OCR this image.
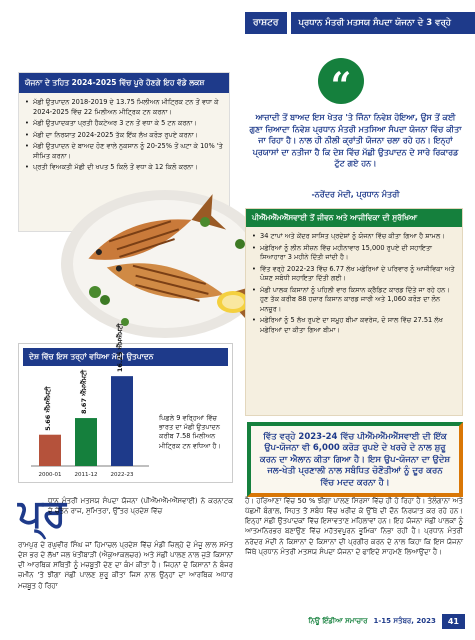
ਰਾਸ਼ਟਰ	ਪ੍ਰਧਾਨ ਮੰਤਰੀ ਮਤਸਯ ਸੰਪਦਾ ਯੋਜਨਾ ਦੇ 3 ਵਰ੍ਹੇ
ਯੋਜਨਾ ਦੇ ਤਹਿਤ 2024-2025 ਵਿੱਚ ਪੂਰੇ ਹੋਣਗੇ ਇਹ ਵੱਡੇ ਲਕਸ਼
• ਮੱਛੀ ਉਤਪਾਦਨ 2018-2019 ਦੇ 13.75 ਮਿਲੀਅਨ ਮੀਟ੍ਰਿਕ ਟਨ ਤੋਂ ਵਧਾ ਕੇ 2024-2025 ਵਿੱਚ 22 ਮਿਲੀਅਨ ਮੀਟ੍ਰਿਕ ਟਨ ਕਰਨਾ।
• ਮੱਛੀ ਉਤਪਾਦਕਤਾ ਪ੍ਰਤੀ ਹੈਕਟੇਅਰ 3 ਟਨ ਤੋਂ ਵਧਾ ਕੇ 5 ਟਨ ਕਰਨਾ।
• ਮੱਛੀ ਦਾ ਨਿਰਯਾਤ 2024-2025 ਤੱਕ ਇੱਕ ਲੱਖ ਕਰੋੜ ਰੁਪਏ ਕਰਨਾ।
• ਮੱਛੀ ਉਤਪਾਦਨ ਦੇ ਬਾਅਦ ਹੋਣ ਵਾਲੇ ਨੁਕਸਾਨ ਨੂੰ 20-25% ਤੋਂ ਘਟਾ ਕੇ 10% 'ਤੇ ਸੀਮਿਤ ਕਰਨਾ।
• ਪ੍ਰਤੀ ਵਿਅਕਤੀ ਮੱਛੀ ਦੀ ਖਪਤ 5 ਕਿਲੋ ਤੋਂ ਵਧਾ ਕੇ 12 ਕਿਲੋ ਕਰਨਾ।
ਦੇਸ਼ ਵਿੱਚ ਇਸ ਤਰ੍ਹਾਂ ਵਧਿਆ ਮੱਛੀ ਉਤਪਾਦਨ
5.66 ਐੱਮਐੱਮਟੀ
2000-01
8.67 ਐੱਮਐੱਮਟੀ
2011-12
16.25 ਐੱਮਐੱਮਟੀ
2022-23
ਪਿਛਲੇ 9 ਵਰ੍ਹਿਆਂ ਵਿੱਚ ਭਾਰਤ ਦਾ ਮੱਛੀ ਉਤਪਾਦਨ ਕਰੀਬ 7.58 ਮਿਲੀਅਨ ਮੀਟ੍ਰਿਕ ਟਨ ਵਧਿਆ ਹੈ।
“
ਆਜ਼ਾਦੀ ਤੋਂ ਬਾਅਦ ਇਸ ਖੇਤਰ 'ਤੇ ਜਿੰਨਾ ਨਿਵੇਸ਼ ਹੋਇਆ, ਉਸ ਤੋਂ ਕਈ ਗੁਣਾ ਜ਼ਿਆਦਾ ਨਿਵੇਸ਼ ਪ੍ਰਧਾਨ ਮੰਤਰੀ ਮਤਸਿਆ ਸੰਪਦਾ ਯੋਜਨਾ ਵਿੱਚ ਕੀਤਾ ਜਾ ਰਿਹਾ ਹੈ। ਨਾਲ ਹੀ ਨੀਲੀ ਕ੍ਰਾਂਤੀ ਯੋਜਨਾ ਚਲਾ ਰਹੇ ਹਨ। ਇਨ੍ਹਾਂ ਪ੍ਰਯਾਸਾਂ ਦਾ ਨਤੀਜਾ ਹੈ ਕਿ ਦੇਸ਼ ਵਿੱਚ ਮੱਛੀ ਉਤਪਾਦਨ ਦੇ ਸਾਰੇ ਰਿਕਾਰਡ ਟੁੱਟ ਗਏ ਹਨ।
-ਨਰੇਂਦਰ ਮੋਦੀ, ਪ੍ਰਧਾਨ ਮੰਤਰੀ
ਪੀਐੱਮਐੱਮਐੱਸਵਾਈ ਤੋਂ ਜੀਵਨ ਅਤੇ ਆਜੀਵਿਕਾ ਦੀ ਸੁਰੱਖਿਆ
• 34 ਟਾਪਾਂ ਅਤੇ ਕੇਂਦਰ ਸ਼ਾਸਿਤ ਪ੍ਰਦੇਸ਼ਾਂ ਨੂੰ ਯੋਜਨਾ ਵਿੱਚ ਕੀਤਾ ਗਿਆ ਹੈ ਸ਼ਾਮਲ।
• ਮਛੇਰਿਆਂ ਨੂੰ ਲੀਨ ਸੀਜ਼ਨ ਵਿੱਚ ਮਹੀਨਾਵਾਰ 15,000 ਰੁਪਏ ਦੀ ਸਹਾਇਤਾ ਸਿਆਹਾਰਾ 3 ਮਹੀਨੇ ਦਿੱਤੀ ਜਾਂਦੀ ਹੈ।
• ਵਿੱਤ ਵਰ੍ਹੇ 2022-23 ਵਿੱਚ 6.77 ਲੱਖ ਮਛੇਰਿਆਂ ਦੇ ਪਰਿਵਾਰ ਨੂੰ ਆਜੀਵਿਕਾ ਅਤੇ ਪੋਸ਼ਣ ਸਬੰਧੀ ਸਹਾਇਤਾ ਦਿੱਤੀ ਗਈ।
• ਮੱਛੀ ਪਾਲਕ ਕਿਸਾਨਾਂ ਨੂੰ ਪਹਿਲੀ ਵਾਰ ਕਿਸਾਨ ਕ੍ਰੈਡਿਟ ਕਾਰਡ ਦਿੱਤੇ ਜਾ ਰਹੇ ਹਨ। ਹੁਣ ਤੱਕ ਕਰੀਬ 88 ਹਜ਼ਾਰ ਕਿਸਾਨ ਕਾਰਡ ਜਾਰੀ ਅਤੇ 1,060 ਕਰੋੜ ਦਾ ਲੋਨ ਮਨਜ਼ੂਰ।
• ਮਛੇਰਿਆਂ ਨੂੰ 5 ਲੱਖ ਰੁਪਏ ਦਾ ਸਮੂਹ ਬੀਮਾ ਕਵਰੇਜ, ਦੋ ਸਾਲ ਵਿੱਚ 27.51 ਲੱਖ ਮਛੇਰਿਆਂ ਦਾ ਕੀਤਾ ਗਿਆ ਬੀਮਾ।
ਵਿੱਤ ਵਰ੍ਹੇ 2023-24 ਵਿੱਚ ਪੀਐੱਮਐੱਮਐੱਸਵਾਈ ਦੀ ਇੱਕ ਉਪ-ਯੋਜਨਾ ਵੀ 6,000 ਕਰੋੜ ਰੁਪਏ ਦੇ ਖਰਚੇ ਦੇ ਨਾਲ ਸ਼ੁਰੂ ਕਰਨ ਦਾ ਐਲਾਨ ਕੀਤਾ ਗਿਆ ਹੈ। ਇਸ ਉਪ-ਯੋਜਨਾ ਦਾ ਉਦੇਸ਼ ਜਲ-ਖੇਤੀ ਪ੍ਰਣਾਲੀ ਨਾਲ ਸਬੰਧਿਤ ਚੋਣੌਤੀਆਂ ਨੂੰ ਦੂਰ ਕਰਨ ਵਿੱਚ ਮਦਦ ਕਰਨਾ ਹੈ।
ਪ੍ਰ
ਧਾਨ ਮੰਤਰੀ ਮਤਸਯ ਸੰਪਦਾ ਯੋਜਨਾ (ਪੀਐੱਮਐੱਮਐੱਸਵਾਈ) ਨੇ ਕਰਨਾਟਕ ਦੇ ਚੇਤਨ ਰਾਜ, ਸੁਮਿਤਰਾ, ਉੱਤਰ ਪ੍ਰਦੇਸ਼ ਵਿੱਚ
ਰਾਮਪੁਰ ਦੇ ਰਘੁਵੀਰ ਸਿੰਘ ਜਾਂ ਹਿਮਾਚਲ ਪ੍ਰਦੇਸ਼ ਵਿੱਚ ਮੰਡੀ ਜ਼ਿਲ੍ਹੇ ਦੇ ਮੰਜੂ ਲਾਲ ਸਮੇਤ ਦੇਸ਼ ਭਰ ਦੇ ਲੱਖਾਂ ਜਲ ਖੇਤੀਬਾੜੀ (ਐਕੁਆਕਲਚਰ) ਅਤੇ ਮੱਛੀ ਪਾਲਣ ਨਾਲ ਜੁੜੇ ਕਿਸਾਨਾਂ ਦੀ ਆਰਥਿਕ ਸਥਿਤੀ ਨੂੰ ਮਜ਼ਬੂਤੀ ਦੇਣ ਦਾ ਕੰਮ ਕੀਤਾ ਹੈ। ਜਿਹਨਾਂ ਦੇ ਕਿਸਾਨਾਂ ਨੇ ਬੰਜਰ ਜ਼ਮੀਨ 'ਤੇ ਝੀਂਗਾ ਮੱਛੀ ਪਾਲਣ ਸ਼ੁਰੂ ਕੀਤਾ ਜਿਸ ਨਾਲ ਉਨ੍ਹਾਂ ਦਾ ਆਰਥਿਕ ਅਧਾਰ ਮਜ਼ਬੂਤ ਹੋ ਰਿਹਾ
ਹੈ। ਹਰਿਆਣਾ ਵਿੱਚ 50 % ਝੀਂਗਾ ਪਾਲਣ ਸਿਰਸਾ ਵਿੱਚ ਹੀ ਹੋ ਰਿਹਾ ਹੈ। ਤੇਲੰਗਾਨਾ ਅਤੇ ਪੱਛਮੀ ਬੰਗਾਲ, ਸਿਹਤ ਤੋਂ ਸਬੰਧ ਵਿੱਚ ਖਰੀਦ ਕੇ ਉੱਥੇ ਦੀ ਦੌਨ ਨਿਰਯਾਤ ਕਰ ਰਹੇ ਹਨ। ਇਨ੍ਹਾਂ ਮੱਛੀ ਉਤਪਾਦਕਾਂ ਵਿੱਚ ਇਸਾਵਤਾਣ ਮਹਿਲਾਵਾਂ ਹਨ। ਇਹ ਯੋਜਨਾ ਮੱਛੀ ਪਾਲਕਾਂ ਨੂੰ ਆਤਮਨਿਰਭਰ ਬਣਾਉਣ ਵਿੱਚ ਮਹੱਤਵਪੂਰਨ ਭੂਮਿਕਾ ਨਿਭਾ ਰਹੀ ਹੈ। ਪ੍ਰਧਾਨ ਮੰਤਰੀ ਨਰੇਂਦਰ ਮੋਦੀ ਨੇ ਕਿਸਾਨਾਂ ਦੇ ਕਿਸਾਨਾਂ ਦੀ ਪ੍ਰਗੀਰ ਕਰਨ ਦੇ ਨਾਲ ਕਿਹਾ ਕਿ ਇਸ ਯੋਜਨਾ ਜਿੱਥੇ ਪ੍ਰਧਾਨ ਮੰਤਰੀ ਮਤਸਯ ਸੰਪਦਾ ਯੋਜਨਾ ਦੇ ਫਾਇਦੇ ਸਾਹਮਣੇ ਲਿਆਉਂਦਾ ਹੈ।
ਨਿਊ ਇੰਡੀਆ ਸਮਾਚਾਰ 1-15 ਸਤੰਬਰ, 2023	41
